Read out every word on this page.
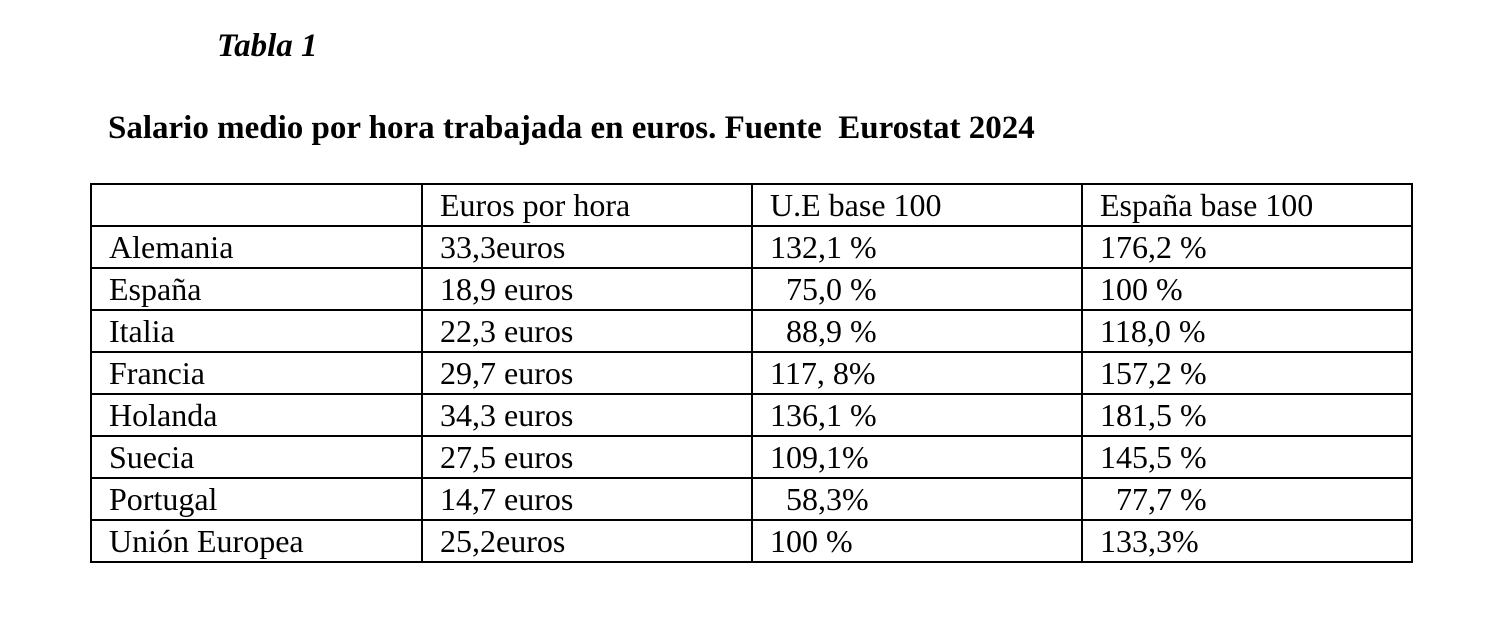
Tabla 1
Salario medio por hora trabajada en euros. Fuente  Eurostat 2024
	Euros por hora	U.E base 100	España base 100
Alemania	33,3euros	132,1 %	176,2 %
España	18,9 euros	75,0 %	100 %
Italia	22,3 euros	88,9 %	118,0 %
Francia	29,7 euros	117, 8%	157,2 %
Holanda	34,3 euros	136,1 %	181,5 %
Suecia	27,5 euros	109,1%	145,5 %
Portugal	14,7 euros	58,3%	77,7 %
Unión Europea	25,2euros	100 %	133,3%
